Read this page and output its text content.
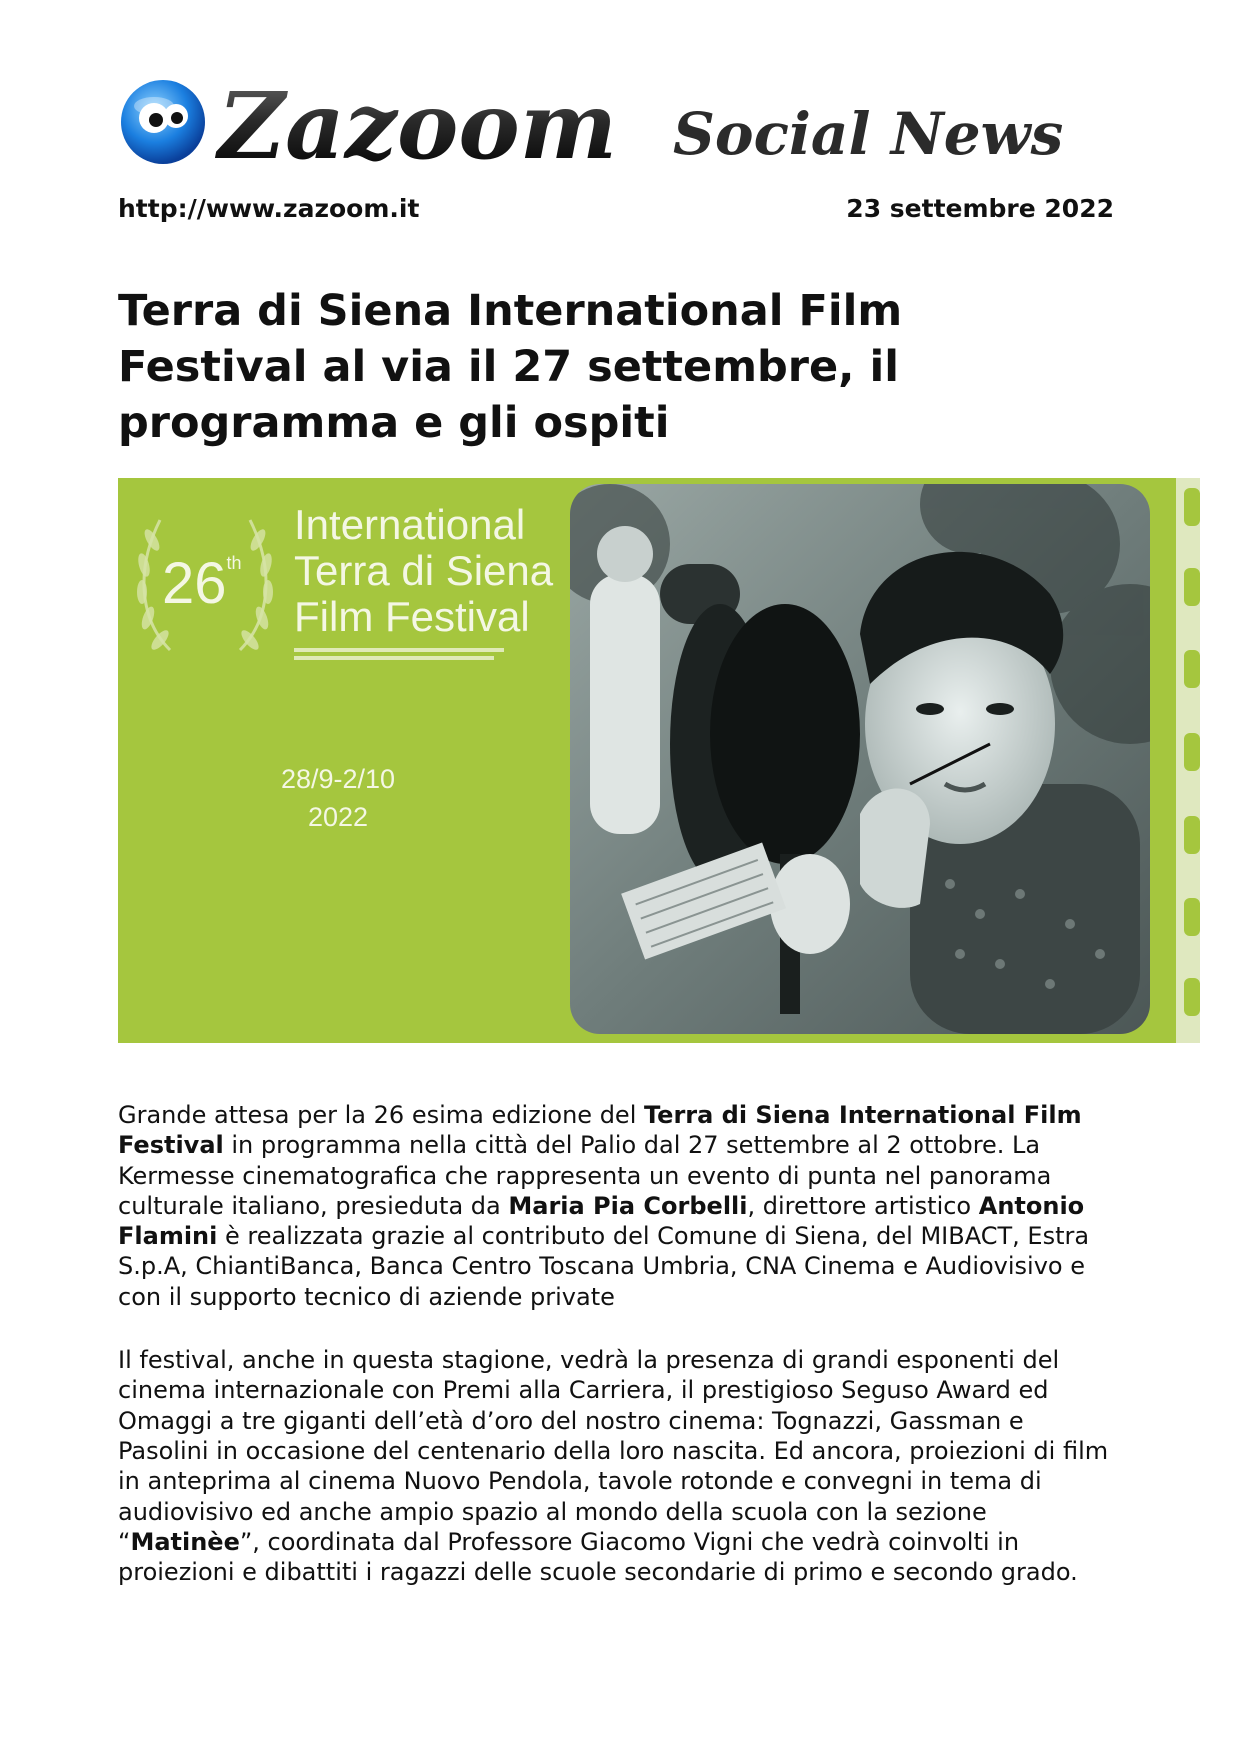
Zazoom Social News
http://www.zazoom.it	23 settembre 2022
Terra di Siena International Film
Festival al via il 27 settembre, il
programma e gli ospiti
26th
International
Terra di Siena
Film Festival
28/9-2/10
2022

Grande attesa per la 26 esima edizione del Terra di Siena International Film Festival in programma nella città del Palio dal 27 settembre al 2 ottobre. La Kermesse cinematografica che rappresenta un evento di punta nel panorama culturale italiano, presieduta da Maria Pia Corbelli, direttore artistico Antonio Flamini è realizzata grazie al contributo del Comune di Siena, del MIBACT, Estra S.p.A, ChiantiBanca, Banca Centro Toscana Umbria, CNA Cinema e Audiovisivo e con il supporto tecnico di aziende private

Il festival, anche in questa stagione, vedrà la presenza di grandi esponenti del cinema internazionale con Premi alla Carriera, il prestigioso Seguso Award ed Omaggi a tre giganti dell’età d’oro del nostro cinema: Tognazzi, Gassman e Pasolini in occasione del centenario della loro nascita. Ed ancora, proiezioni di film in anteprima al cinema Nuovo Pendola, tavole rotonde e convegni in tema di audiovisivo ed anche ampio spazio al mondo della scuola con la sezione “Matinèe”, coordinata dal Professore Giacomo Vigni che vedrà coinvolti in proiezioni e dibattiti i ragazzi delle scuole secondarie di primo e secondo grado.
